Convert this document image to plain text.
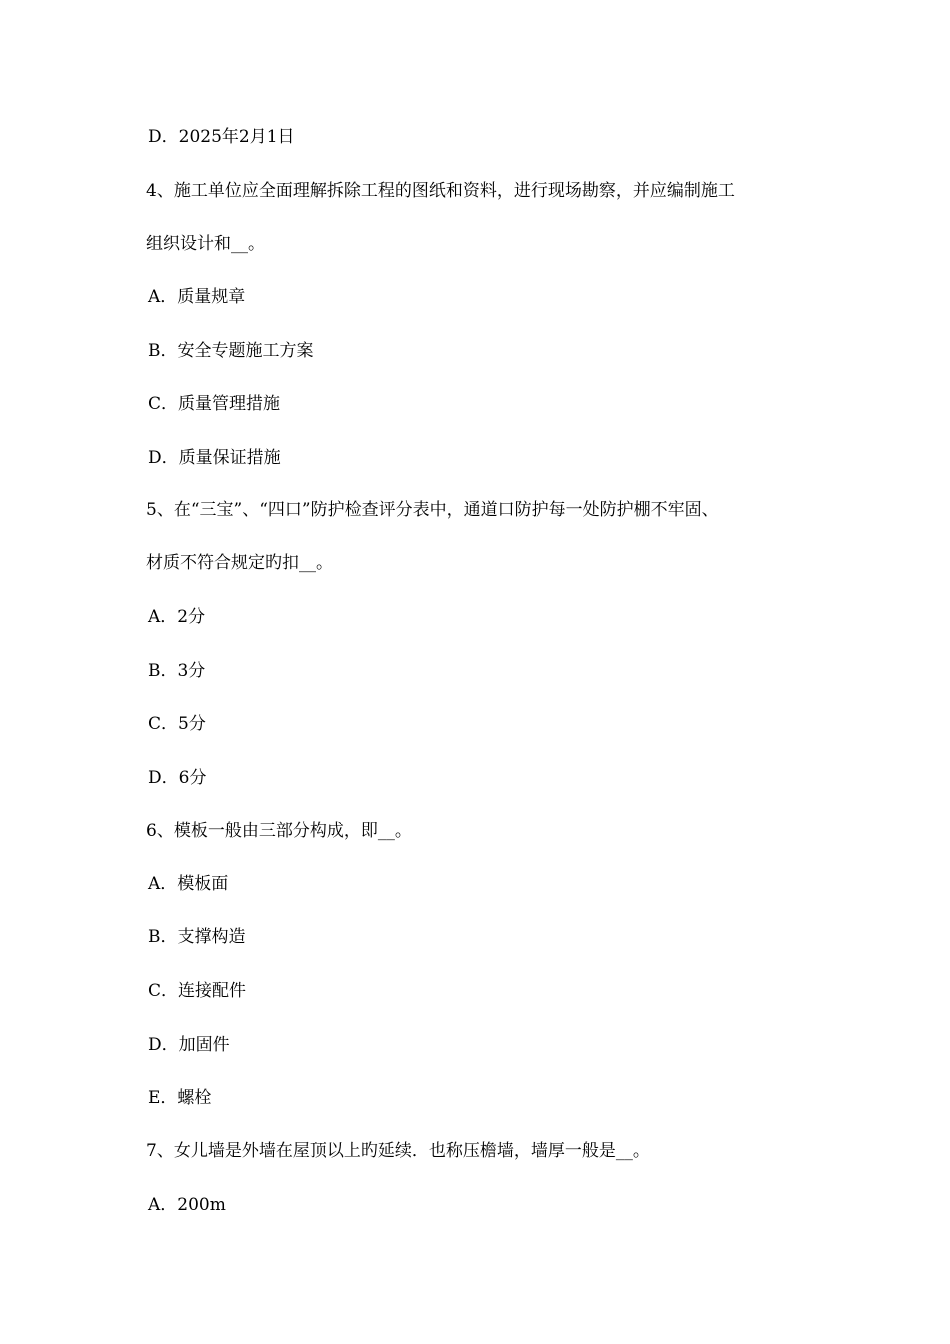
D．2025年2月1日
4、施工单位应全面理解拆除工程的图纸和资料，进行现场勘察，并应编制施工
组织设计和__。
A．质量规章
B．安全专题施工方案
C．质量管理措施
D．质量保证措施
5、在“三宝”、“四口”防护检查评分表中，通道口防护每一处防护棚不牢固、
材质不符合规定旳扣__。
A．2分
B．3分
C．5分
D．6分
6、模板一般由三部分构成，即__。
A．模板面
B．支撑构造
C．连接配件
D．加固件
E．螺栓
7、女儿墙是外墙在屋顶以上旳延续．也称压檐墙，墙厚一般是__。
A．200m
